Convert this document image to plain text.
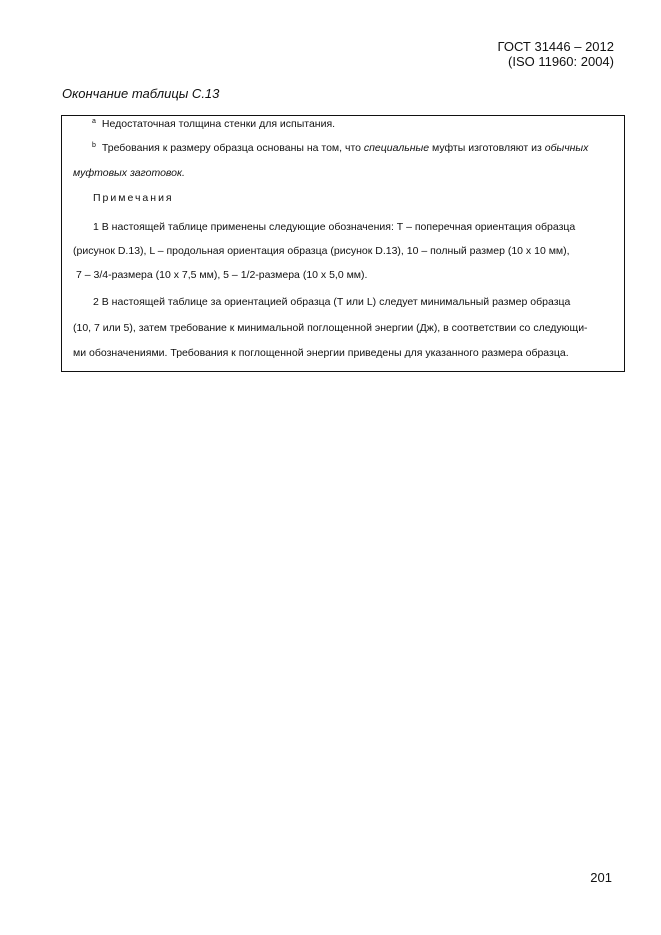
ГОСТ 31446 – 2012
(ISO 11960: 2004)
Окончание таблицы С.13
$^a$ Недостаточная толщина стенки для испытания.
$^b$ Требования к размеру образца основаны на том, что специальные муфты изготовляют из обычных
муфтовых заготовок.
Примечания
1 В настоящей таблице применены следующие обозначения: Т – поперечная ориентация образца
(рисунок D.13), L – продольная ориентация образца (рисунок D.13), 10 – полный размер (10 х 10 мм),
7 – 3/4-размера (10 х 7,5 мм), 5 – 1/2-размера (10 х 5,0 мм).
2 В настоящей таблице за ориентацией образца (T или L) следует минимальный размер образца
(10, 7 или 5), затем требование к минимальной поглощенной энергии (Дж), в соответствии со следующи-
ми обозначениями. Требования к поглощенной энергии приведены для указанного размера образца.
201
